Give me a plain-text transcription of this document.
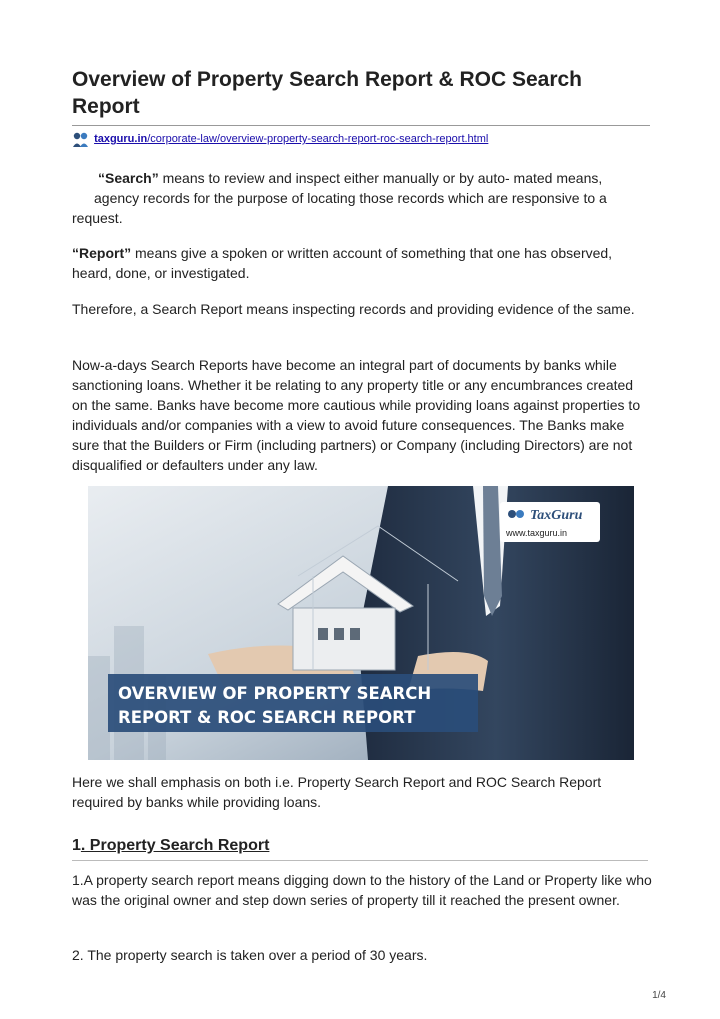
Overview of Property Search Report & ROC Search Report
taxguru.in/corporate-law/overview-property-search-report-roc-search-report.html

“Search” means to review and inspect either manually or by auto- mated means,
agency records for the purpose of locating those records which are responsive to a
request.

“Report” means give a spoken or written account of something that one has observed, heard, done, or investigated.

Therefore, a Search Report means inspecting records and providing evidence of the same.

Now-a-days Search Reports have become an integral part of documents by banks while sanctioning loans. Whether it be relating to any property title or any encumbrances created on the same. Banks have become more cautious while providing loans against properties to individuals and/or companies with a view to avoid future consequences. The Banks make sure that the Builders or Firm (including partners) or Company (including Directors) are not disqualified or defaulters under any law.

TaxGuru
www.taxguru.in
OVERVIEW OF PROPERTY SEARCH
REPORT & ROC SEARCH REPORT

Here we shall emphasis on both i.e. Property Search Report and ROC Search Report required by banks while providing loans.

1. Property Search Report

1.A property search report means digging down to the history of the Land or Property like who was the original owner and step down series of property till it reached the present owner.

2. The property search is taken over a period of 30 years.

1/4
